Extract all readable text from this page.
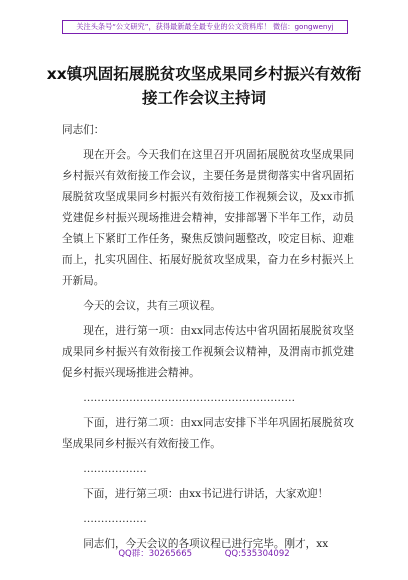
关注头条号“公文研究”，获得最新最全最专业的公文资料库！ 微信：gongwenyj
xx镇巩固拓展脱贫攻坚成果同乡村振兴有效衔接工作会议主持词

同志们：

现在开会。今天我们在这里召开巩固拓展脱贫攻坚成果同乡村振兴有效衔接工作会议，主要任务是贯彻落实中省巩固拓展脱贫攻坚成果同乡村振兴有效衔接工作视频会议，及xx市抓党建促乡村振兴现场推进会精神，安排部署下半年工作，动员全镇上下紧盯工作任务，聚焦反馈问题整改，咬定目标、迎难而上，扎实巩固住、拓展好脱贫攻坚成果，奋力在乡村振兴上开新局。

今天的会议，共有三项议程。

现在，进行第一项：由xx同志传达中省巩固拓展脱贫攻坚成果同乡村振兴有效衔接工作视频会议精神，及渭南市抓党建促乡村振兴现场推进会精神。

……………………………………………………

下面，进行第二项：由xx同志安排下半年巩固拓展脱贫攻坚成果同乡村振兴有效衔接工作。

………………

下面，进行第三项：由xx书记进行讲话，大家欢迎！

………………

同志们，今天会议的各项议程已进行完毕。刚才，xx

QQ群：30265665	QQ:535304092
